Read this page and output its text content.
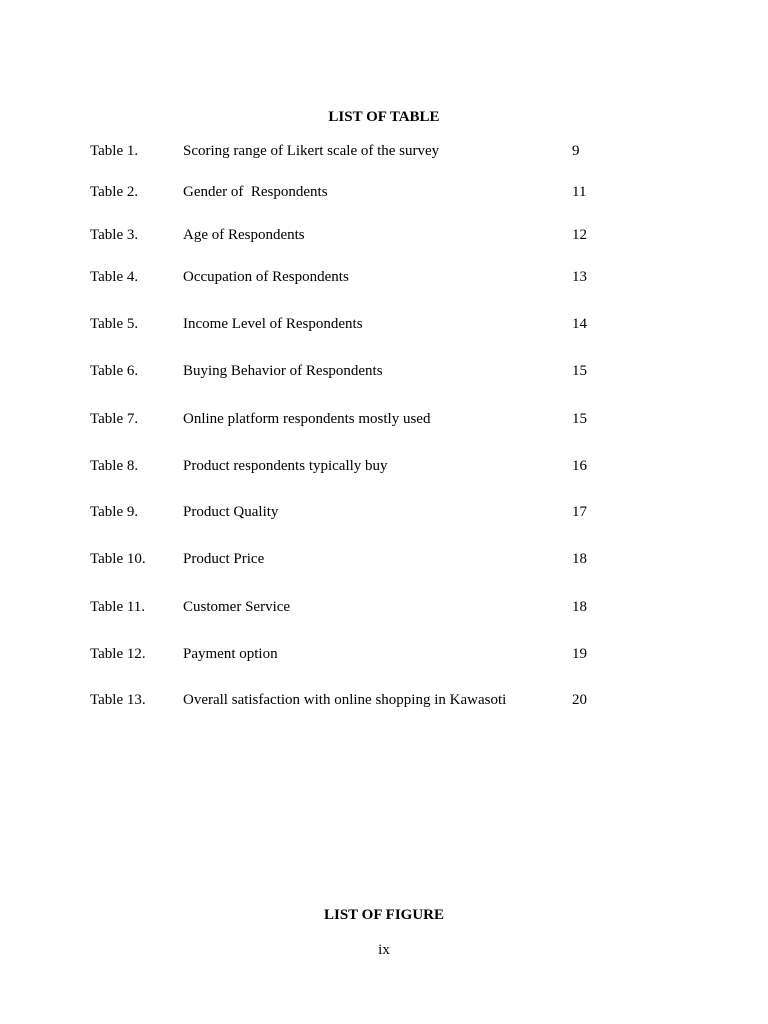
LIST OF TABLE
Table 1.	Scoring range of Likert scale of the survey	9
Table 2.	Gender of  Respondents	11
Table 3.	Age of Respondents	12
Table 4.	Occupation of Respondents	13
Table 5.	Income Level of Respondents	14
Table 6.	Buying Behavior of Respondents	15
Table 7.	Online platform respondents mostly used	15
Table 8.	Product respondents typically buy	16
Table 9.	Product Quality	17
Table 10. Product Price	18
Table 11.	Customer Service	18
Table 12. Payment option	19
Table 13. Overall satisfaction with online shopping in Kawasoti	20
LIST OF FIGURE
ix
